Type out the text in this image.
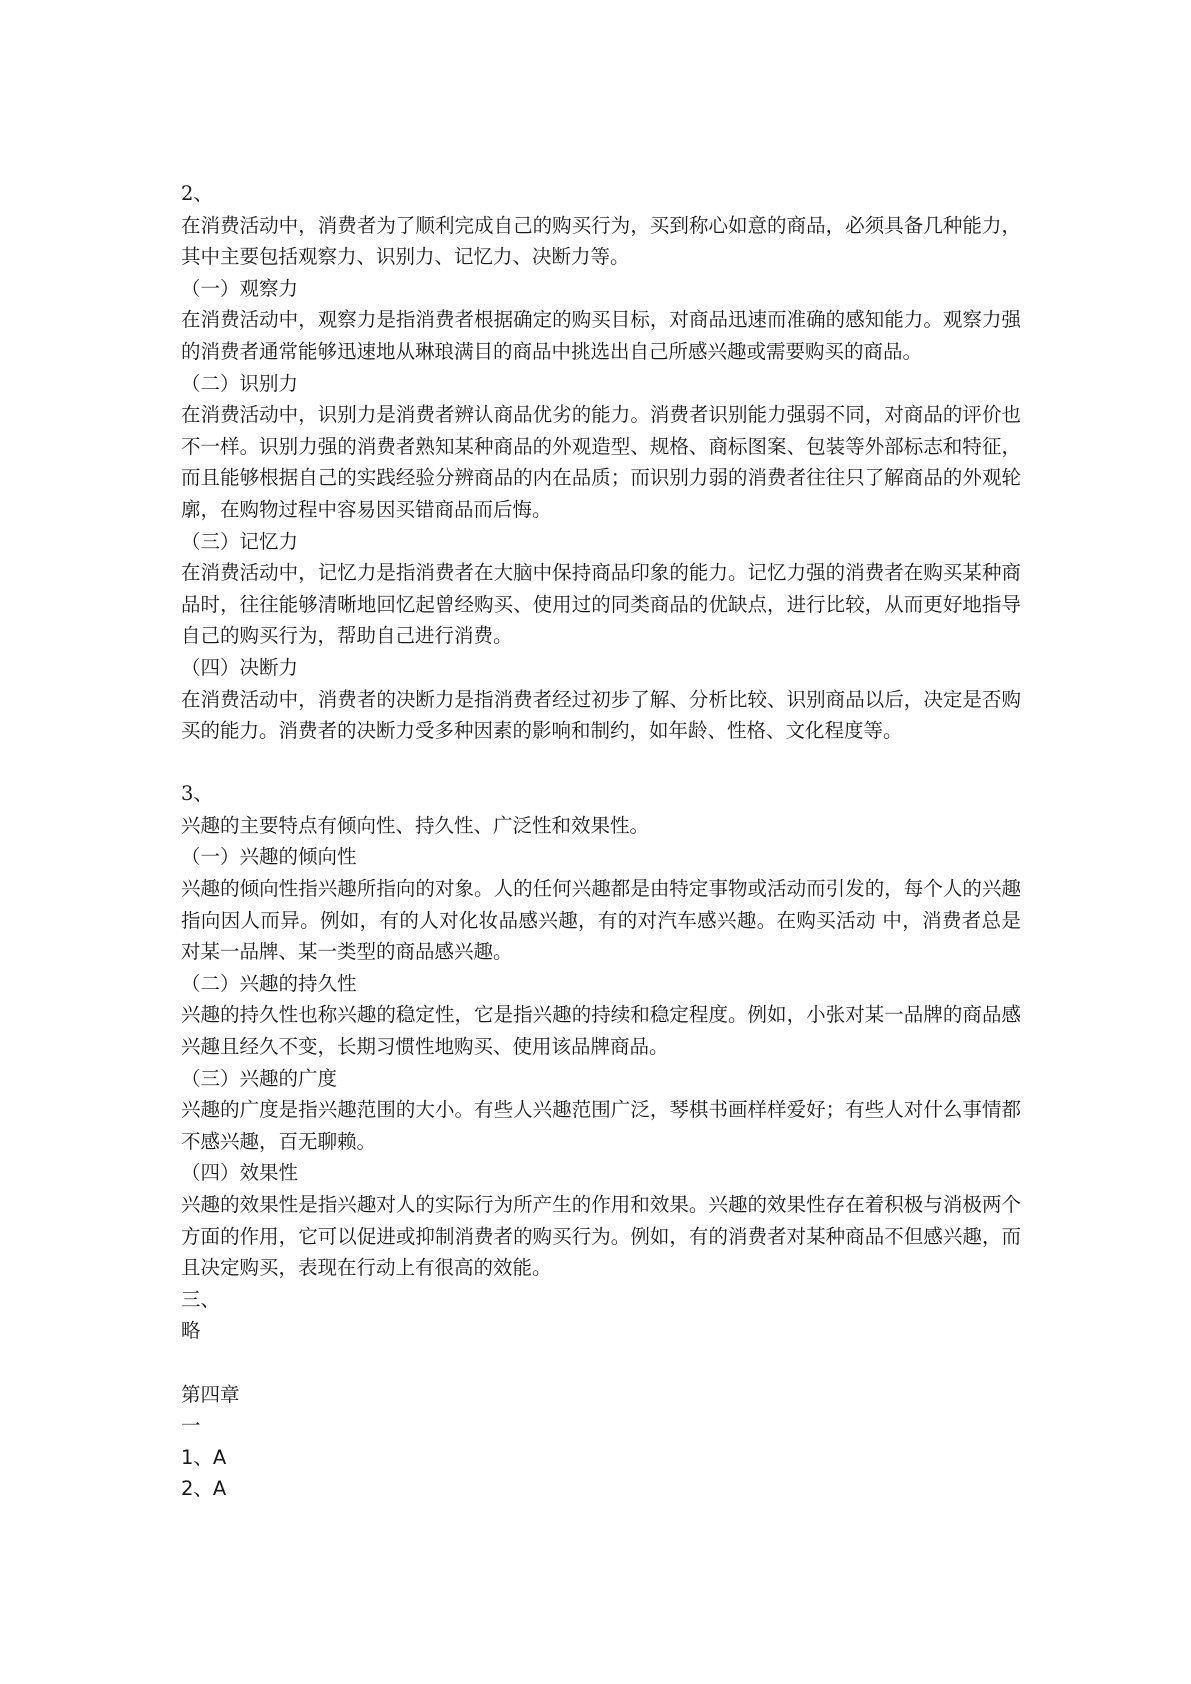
2、

在消费活动中，消费者为了顺利完成自己的购买行为，买到称心如意的商品，必须具备几种能力，其中主要包括观察力、识别力、记忆力、决断力等。

（一）观察力

在消费活动中，观察力是指消费者根据确定的购买目标，对商品迅速而准确的感知能力。观察力强的消费者通常能够迅速地从琳琅满目的商品中挑选出自己所感兴趣或需要购买的商品。

（二）识别力

在消费活动中，识别力是消费者辨认商品优劣的能力。消费者识别能力强弱不同，对商品的评价也不一样。识别力强的消费者熟知某种商品的外观造型、规格、商标图案、包装等外部标志和特征，而且能够根据自己的实践经验分辨商品的内在品质；而识别力弱的消费者往往只了解商品的外观轮廓，在购物过程中容易因买错商品而后悔。

（三）记忆力

在消费活动中，记忆力是指消费者在大脑中保持商品印象的能力。记忆力强的消费者在购买某种商品时，往往能够清晰地回忆起曾经购买、使用过的同类商品的优缺点，进行比较，从而更好地指导自己的购买行为，帮助自己进行消费。

（四）决断力

在消费活动中，消费者的决断力是指消费者经过初步了解、分析比较、识别商品以后，决定是否购买的能力。消费者的决断力受多种因素的影响和制约，如年龄、性格、文化程度等。

3、

兴趣的主要特点有倾向性、持久性、广泛性和效果性。

（一）兴趣的倾向性

兴趣的倾向性指兴趣所指向的对象。人的任何兴趣都是由特定事物或活动而引发的，每个人的兴趣指向因人而异。例如，有的人对化妆品感兴趣，有的对汽车感兴趣。在购买活动 中，消费者总是对某一品牌、某一类型的商品感兴趣。

（二）兴趣的持久性

兴趣的持久性也称兴趣的稳定性，它是指兴趣的持续和稳定程度。例如，小张对某一品牌的商品感兴趣且经久不变，长期习惯性地购买、使用该品牌商品。

（三）兴趣的广度

兴趣的广度是指兴趣范围的大小。有些人兴趣范围广泛，琴棋书画样样爱好；有些人对什么事情都不感兴趣，百无聊赖。

（四）效果性

兴趣的效果性是指兴趣对人的实际行为所产生的作用和效果。兴趣的效果性存在着积极与消极两个方面的作用，它可以促进或抑制消费者的购买行为。例如，有的消费者对某种商品不但感兴趣，而且决定购买，表现在行动上有很高的效能。

三、
略
第四章
一
1、A
2、A
